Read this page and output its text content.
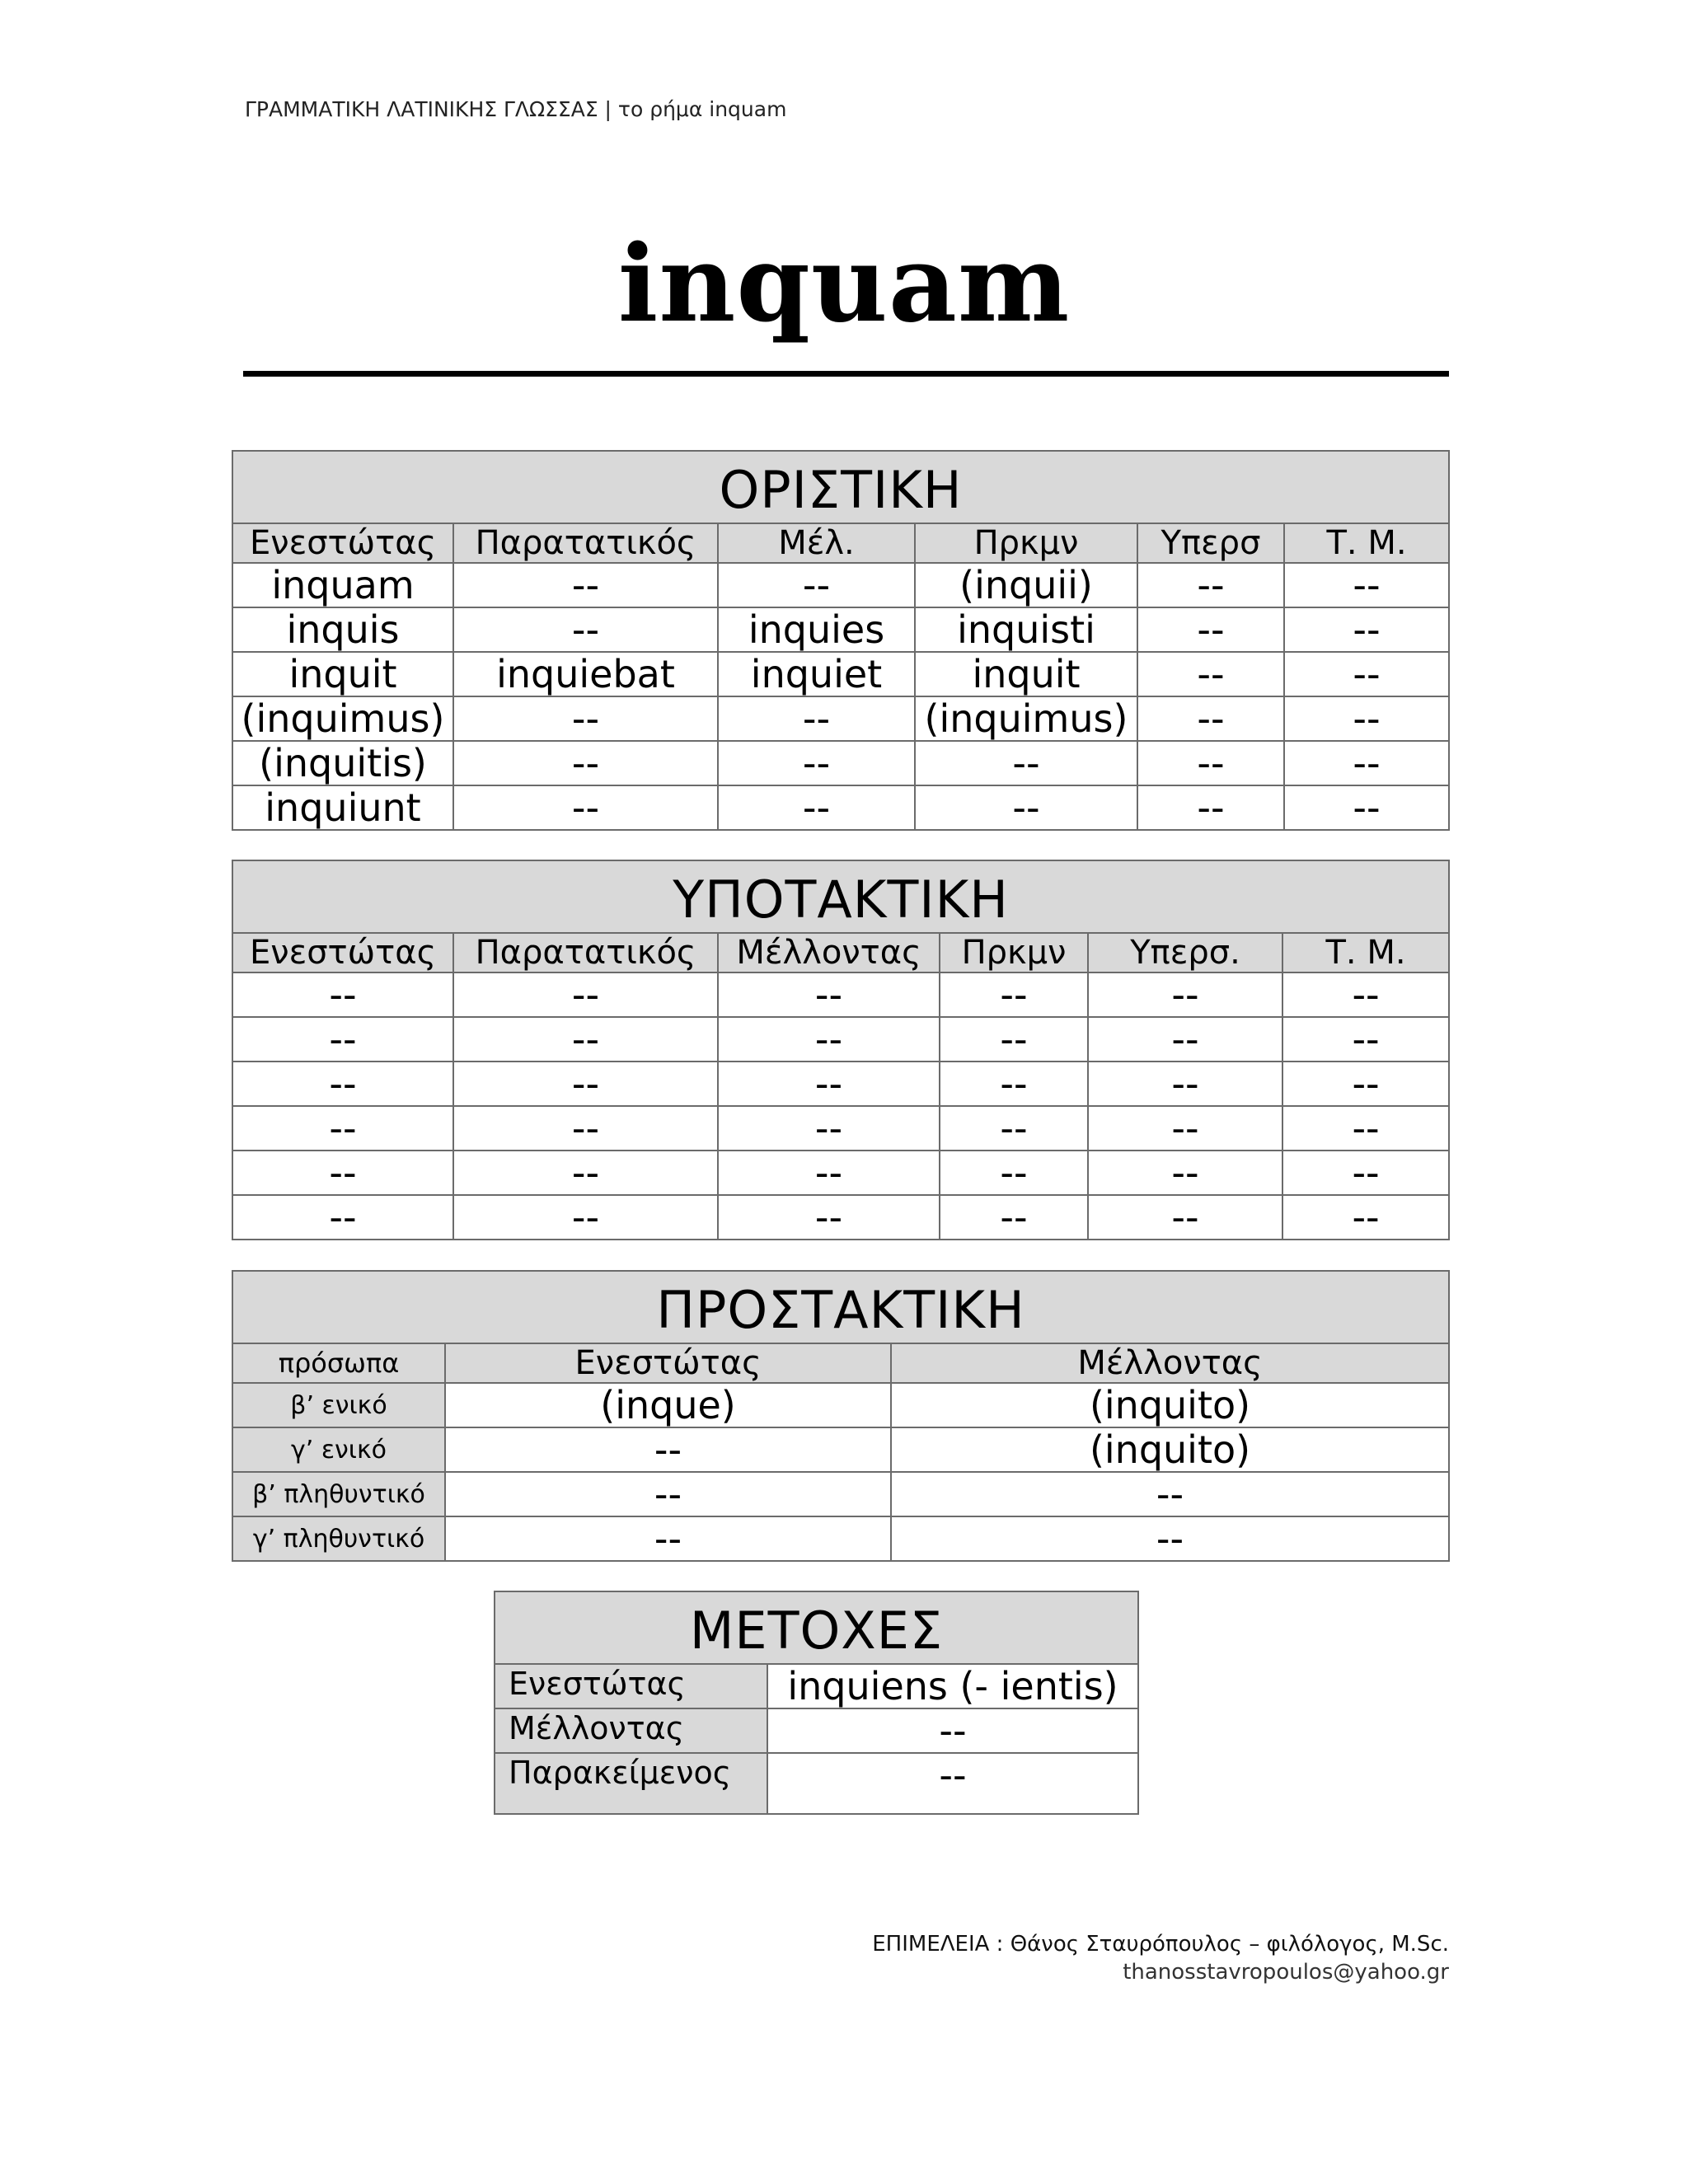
ΓΡΑΜΜΑΤΙΚΗ ΛΑΤΙΝΙΚΗΣ ΓΛΩΣΣΑΣ | το ρήμα inquam
inquam
ΟΡΙΣΤΙΚΗ					
Ενεστώτας	Παρατατικός	Μέλ.	Πρκμν	Υπερσ	Τ. Μ.
inquam	--	--	(inquii)	--	--
inquis	--	inquies	inquisti	--	--
inquit	inquiebat	inquiet	inquit	--	--
(inquimus)	--	--	(inquimus)	--	--
(inquitis)	--	--	--	--	--
inquiunt	--	--	--	--	--
ΥΠΟΤΑΚΤΙΚΗ					
Ενεστώτας	Παρατατικός	Μέλλοντας	Πρκμν	Υπερσ.	Τ. Μ.
--	--	--	--	--	--
--	--	--	--	--	--
--	--	--	--	--	--
--	--	--	--	--	--
--	--	--	--	--	--
--	--	--	--	--	--
ΠΡΟΣΤΑΚΤΙΚΗ		
πρόσωπα	Ενεστώτας	Μέλλοντας
β’ ενικό	(inque)	(inquito)
γ’ ενικό	--	(inquito)
β’ πληθυντικό	--	--
γ’ πληθυντικό	--	--
ΜΕΤΟΧΕΣ	
Ενεστώτας	inquiens (- ientis)
Μέλλοντας	--
Παρακείμενος	--
ΕΠΙΜΕΛΕΙΑ : Θάνος Σταυρόπουλος – φιλόλογος, M.Sc.
thanosstavropoulos@yahoo.gr
